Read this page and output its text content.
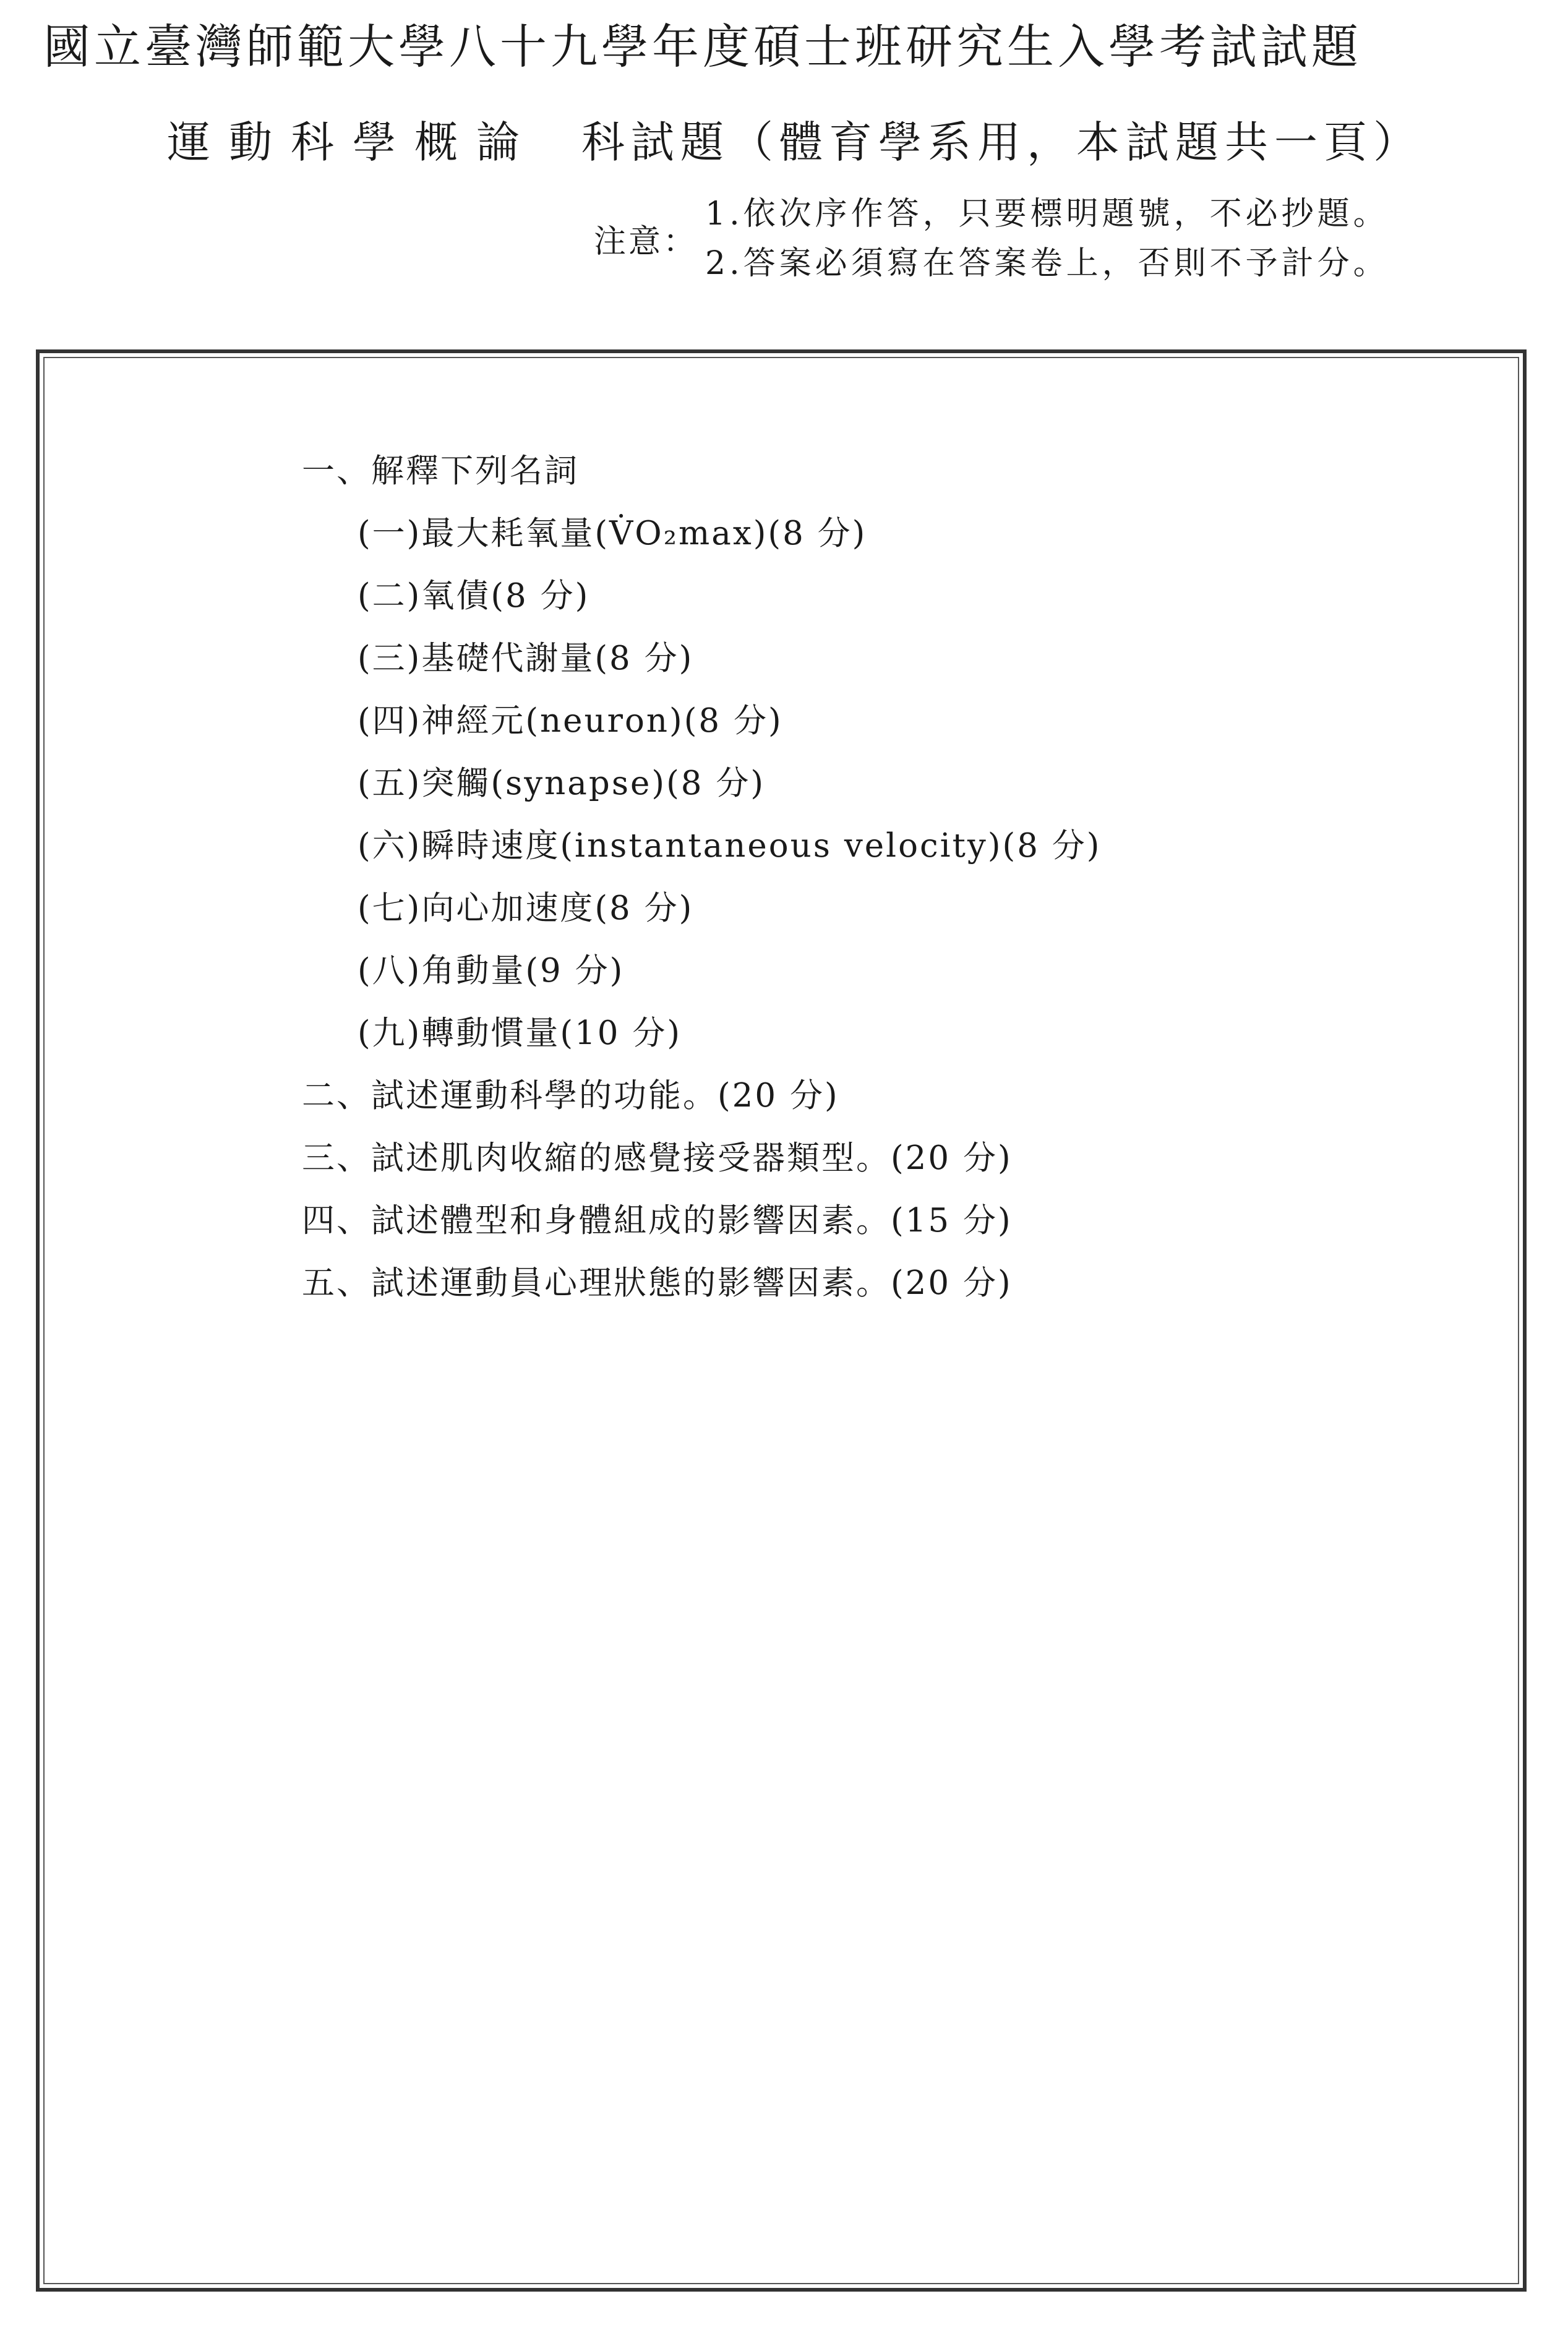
國立臺灣師範大學八十九學年度碩士班研究生入學考試試題
運動科學概論 科試題（體育學系用，本試題共一頁）
注意：
1.依次序作答，只要標明題號，不必抄題。
2.答案必須寫在答案卷上，否則不予計分。
一、解釋下列名詞
(一)最大耗氧量(V̇O₂max)(8 分)
(二)氧債(8 分)
(三)基礎代謝量(8 分)
(四)神經元(neuron)(8 分)
(五)突觸(synapse)(8 分)
(六)瞬時速度(instantaneous velocity)(8 分)
(七)向心加速度(8 分)
(八)角動量(9 分)
(九)轉動慣量(10 分)
二、試述運動科學的功能。(20 分)
三、試述肌肉收縮的感覺接受器類型。(20 分)
四、試述體型和身體組成的影響因素。(15 分)
五、試述運動員心理狀態的影響因素。(20 分)
